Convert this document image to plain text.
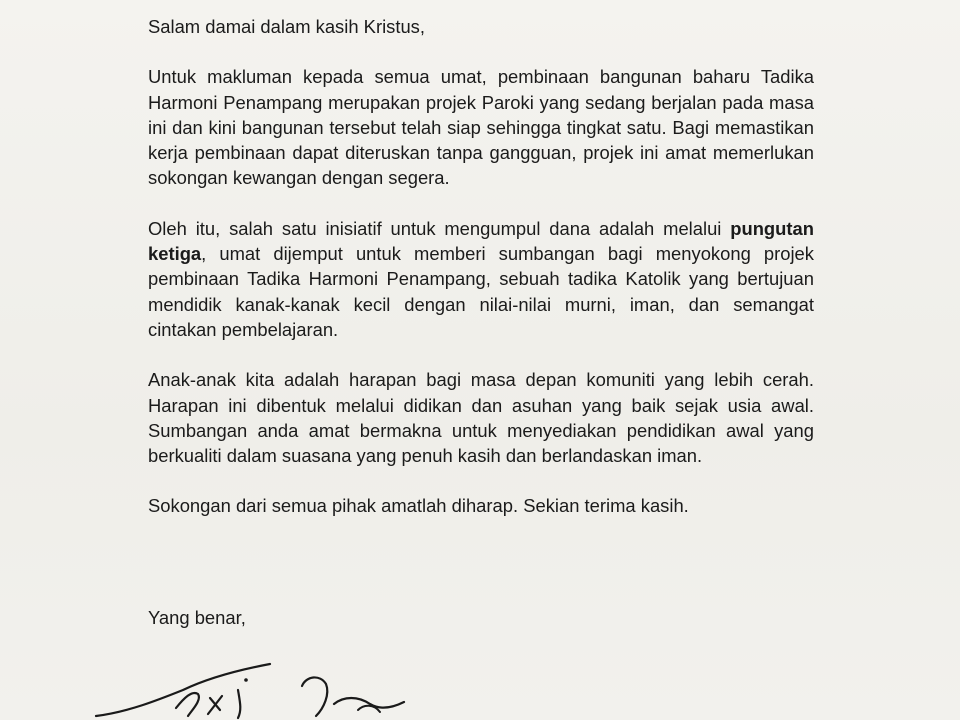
Salam damai dalam kasih Kristus,

Untuk makluman kepada semua umat, pembinaan bangunan baharu Tadika Harmoni Penampang merupakan projek Paroki yang sedang berjalan pada masa ini dan kini bangunan tersebut telah siap sehingga tingkat satu. Bagi memastikan kerja pembinaan dapat diteruskan tanpa gangguan, projek ini amat memerlukan sokongan kewangan dengan segera.

Oleh itu, salah satu inisiatif untuk mengumpul dana adalah melalui pungutan ketiga, umat dijemput untuk memberi sumbangan bagi menyokong projek pembinaan Tadika Harmoni Penampang, sebuah tadika Katolik yang bertujuan mendidik kanak-kanak kecil dengan nilai-nilai murni, iman, dan semangat cintakan pembelajaran.

Anak-anak kita adalah harapan bagi masa depan komuniti yang lebih cerah. Harapan ini dibentuk melalui didikan dan asuhan yang baik sejak usia awal. Sumbangan anda amat bermakna untuk menyediakan pendidikan awal yang berkualiti dalam suasana yang penuh kasih dan berlandaskan iman.

Sokongan dari semua pihak amatlah diharap. Sekian terima kasih.

Yang benar,
